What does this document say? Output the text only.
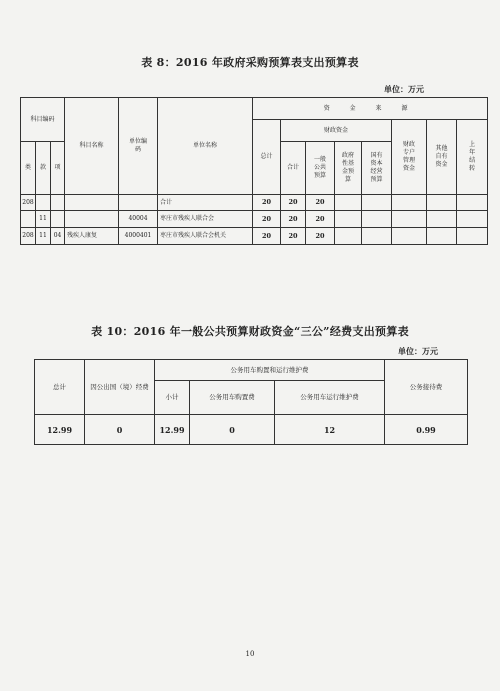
表 8：2016 年政府采购预算表支出预算表
单位：万元
科目编码			科目名称	单位编码	单位名称	资 金 来 源							
						总计	财政资金				财政专户管理资金	其他自有资金	上年结转
类	款	项					合计	一般公共预算	政府性基金预算	国有资本经营预算			
208					合计	20	20	20					
	11			40004	枣庄市残疾人联合会	20	20	20					
208	11	04	残疾人康复	4000401	枣庄市残疾人联合会机关	20	20	20					
表 10：2016 年一般公共预算财政资金“三公”经费支出预算表
单位：万元
总计	因公出国（境）经费	公务用车购置和运行维护费			公务接待费
		小计	公务用车购置费	公务用车运行维护费	
12.99	0	12.99	0	12	0.99
10
